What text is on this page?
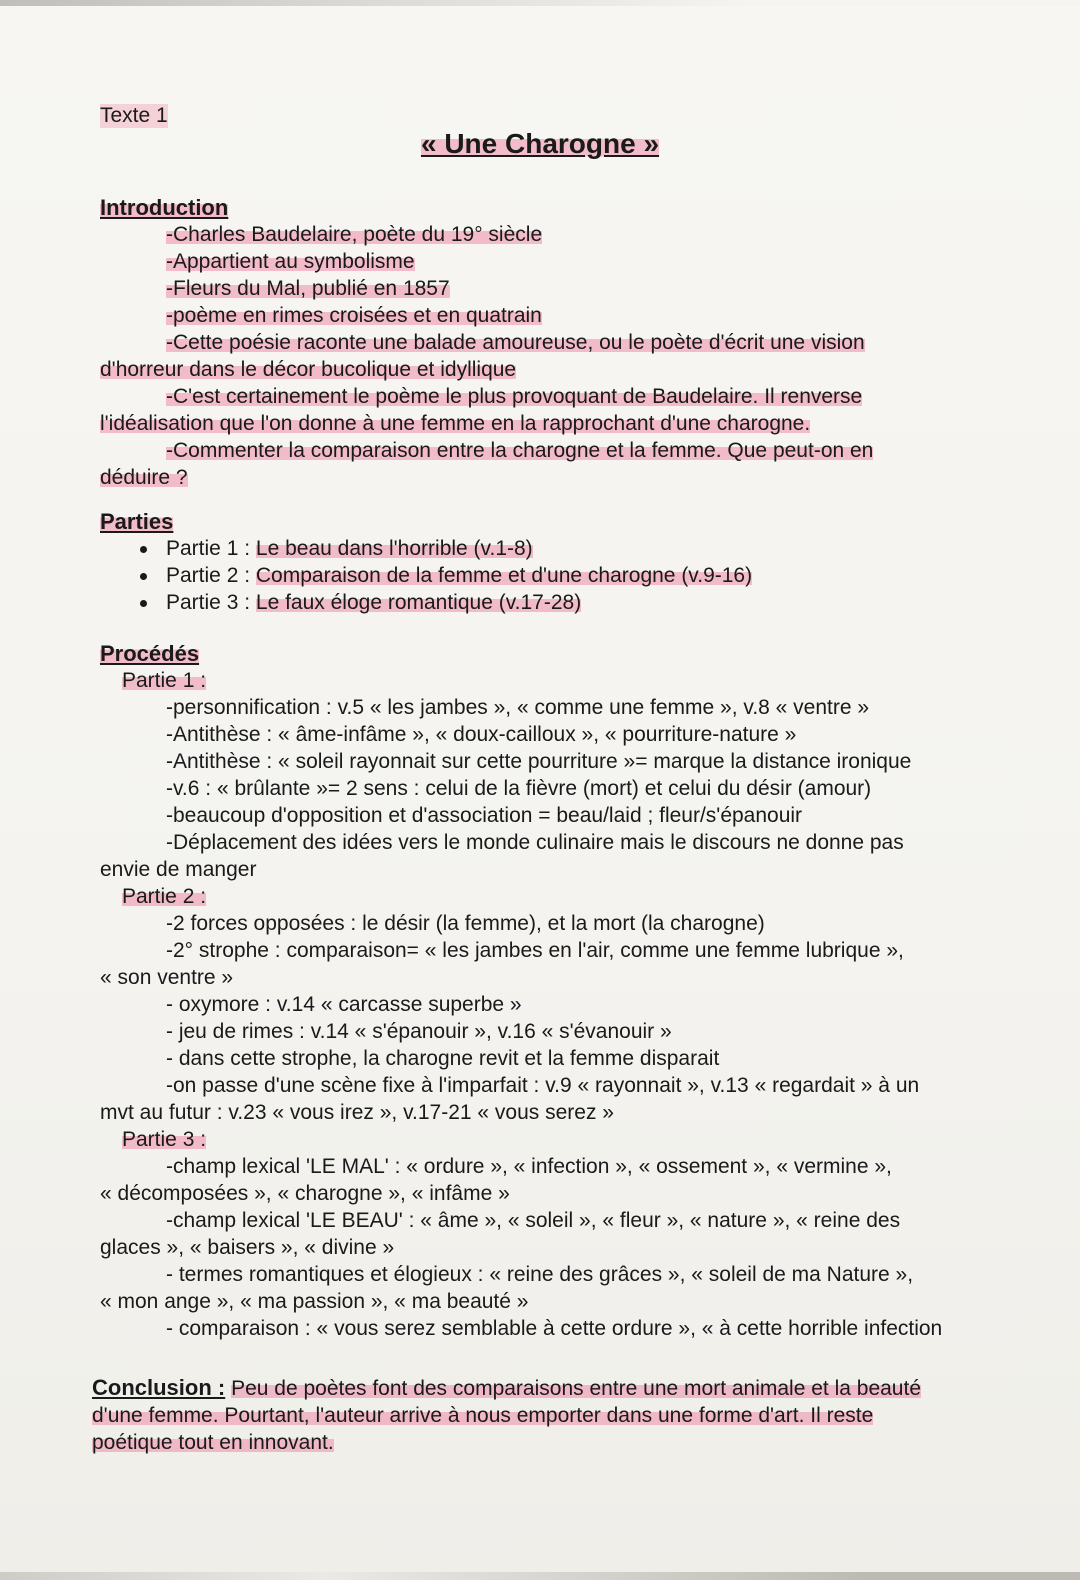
Texte 1
« Une Charogne »
Introduction
-Charles Baudelaire, poète du 19° siècle
-Appartient au symbolisme
-Fleurs du Mal, publié en 1857
-poème en rimes croisées et en quatrain
-Cette poésie raconte une balade amoureuse, ou le poète d'écrit une vision
d'horreur dans le décor bucolique et idyllique
-C'est certainement le poème le plus provoquant de Baudelaire. Il renverse
l'idéalisation que l'on donne à une femme en la rapprochant d'une charogne.
-Commenter la comparaison entre la charogne et la femme. Que peut-on en
déduire ?
Parties
Partie 1 : Le beau dans l'horrible (v.1-8)
Partie 2 : Comparaison de la femme et d'une charogne (v.9-16)
Partie 3 : Le faux éloge romantique (v.17-28)
Procédés
Partie 1 :
-personnification : v.5 « les jambes », « comme une femme », v.8 « ventre »
-Antithèse : « âme-infâme », « doux-cailloux », « pourriture-nature »
-Antithèse : « soleil rayonnait sur cette pourriture »= marque la distance ironique
-v.6 : « brûlante »= 2 sens : celui de la fièvre (mort) et celui du désir (amour)
-beaucoup d'opposition et d'association = beau/laid ; fleur/s'épanouir
-Déplacement des idées vers le monde culinaire mais le discours ne donne pas
envie de manger
Partie 2 :
-2 forces opposées : le désir (la femme), et la mort (la charogne)
-2° strophe : comparaison= « les jambes en l'air, comme une femme lubrique »,
« son ventre »
- oxymore : v.14 « carcasse superbe »
- jeu de rimes : v.14 « s'épanouir », v.16 « s'évanouir »
- dans cette strophe, la charogne revit et la femme disparait
-on passe d'une scène fixe à l'imparfait : v.9 « rayonnait », v.13 « regardait » à un
mvt au futur : v.23 « vous irez », v.17-21 « vous serez »
Partie 3 :
-champ lexical 'LE MAL' : « ordure », « infection », « ossement », « vermine »,
« décomposées », « charogne », « infâme »
-champ lexical 'LE BEAU' : « âme », « soleil », « fleur », « nature », « reine des
glaces », « baisers », « divine »
- termes romantiques et élogieux : « reine des grâces », « soleil de ma Nature »,
« mon ange », « ma passion », « ma beauté »
- comparaison : « vous serez semblable à cette ordure », « à cette horrible infection
Conclusion : Peu de poètes font des comparaisons entre une mort animale et la beauté
d'une femme. Pourtant, l'auteur arrive à nous emporter dans une forme d'art. Il reste
poétique tout en innovant.
